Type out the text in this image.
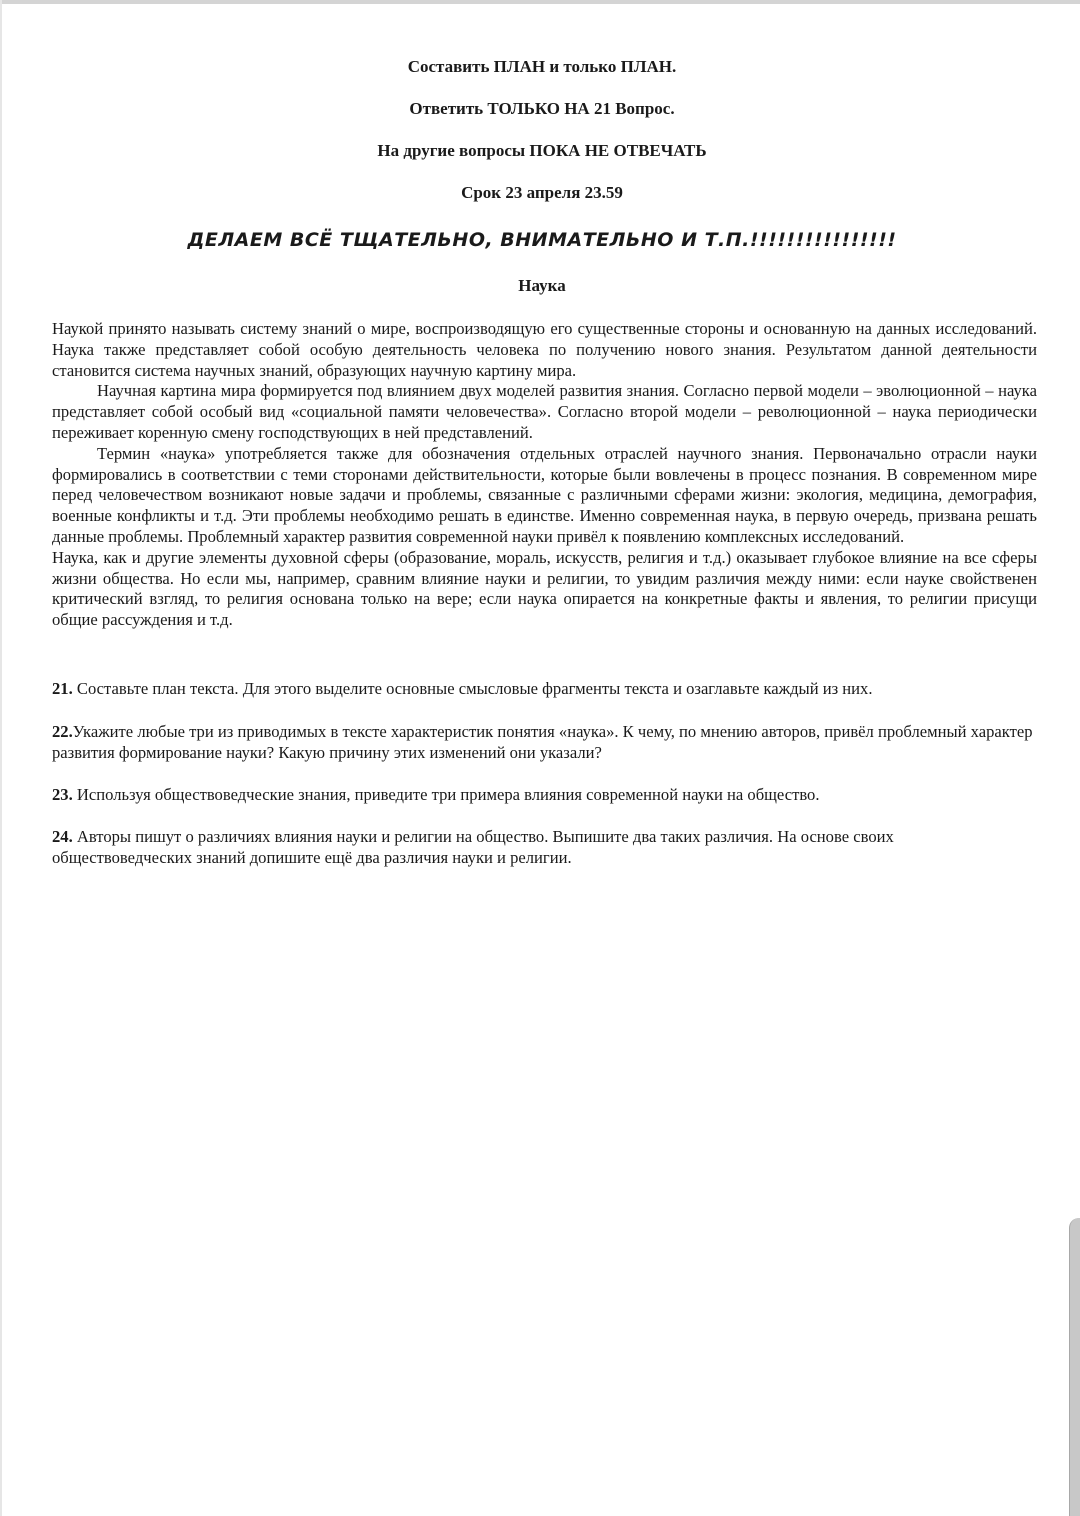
Составить ПЛАН и только ПЛАН.

Ответить ТОЛЬКО НА 21 Вопрос.

На другие вопросы ПОКА НЕ ОТВЕЧАТЬ

Срок 23 апреля 23.59

ДЕЛАЕМ ВСЁ ТЩАТЕЛЬНО, ВНИМАТЕЛЬНО И Т.П.!!!!!!!!!!!!!!!!
Наука

Наукой принято называть систему знаний о мире, воспроизводящую его существенные стороны и основанную на данных исследований. Наука также представляет собой особую деятельность человека по получению нового знания. Результатом данной деятельности становится система научных знаний, образующих научную картину мира.

Научная картина мира формируется под влиянием двух моделей развития знания. Согласно первой модели – эволюционной – наука представляет собой особый вид «социальной памяти человечества». Согласно второй модели – революционной – наука периодически переживает коренную смену господствующих в ней представлений.

Термин «наука» употребляется также для обозначения отдельных отраслей научного знания. Первоначально отрасли науки формировались в соответствии с теми сторонами действительности, которые были вовлечены в процесс познания. В современном мире перед человечеством возникают новые задачи и проблемы, связанные с различными сферами жизни: экология, медицина, демография, военные конфликты и т.д. Эти проблемы необходимо решать в единстве. Именно современная наука, в первую очередь, призвана решать данные проблемы. Проблемный характер развития современной науки привёл к появлению комплексных исследований.

Наука, как и другие элементы духовной сферы (образование, мораль, искусств, религия и т.д.) оказывает глубокое влияние на все сферы жизни общества. Но если мы, например, сравним влияние науки и религии, то увидим различия между ними: если науке свойственен критический взгляд, то религия основана только на вере; если наука опирается на конкретные факты и явления, то религии присущи общие рассуждения и т.д.

21. Составьте план текста. Для этого выделите основные смысловые фрагменты текста и озаглавьте каждый из них.

22.Укажите любые три из приводимых в тексте характеристик понятия «наука». К чему, по мнению авторов, привёл проблемный характер развития формирование науки? Какую причину этих изменений они указали?

23. Используя обществоведческие знания, приведите три примера влияния современной науки на общество.

24. Авторы пишут о различиях влияния науки и религии на общество. Выпишите два таких различия. На основе своих обществоведческих знаний допишите ещё два различия науки и религии.
